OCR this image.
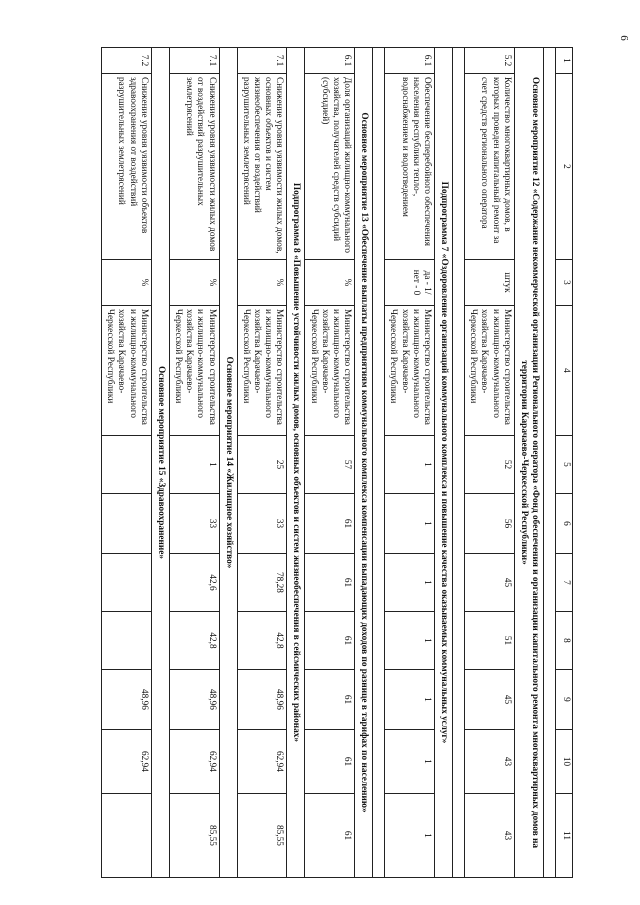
6
1	2	3	4	5	6	7	8	9	10	11

Основное мероприятие 12 «Содержание некоммерческой организации Регионального оператора «Фонд обеспечения и организации капитального ремонта многоквартирных домов на территории Карачаево-Черкесской Республики»										
5.2	Количество многоквартирных домов, в которых проведен капитальный ремонт за счет средств регионального оператора	штук	Министерство строительства и жилищно-коммунального хозяйства Карачаево-Черкесской Республики	52	56	45	51	45	43	43

Подпрограмма 7 «Оздоровление организаций коммунального комплекса и повышение качества оказываемых коммунальных услуг»										
6.1	Обеспечение бесперебойного обеспечения населения республики тепло-, водоснабжением и водоотведением	да - 1/ нет - 0	Министерство строительства и жилищно-коммунального хозяйства Карачаево-Черкесской Республики	1	1	1	1	1	1	1

Основное мероприятие 13 «Обеспечение выплаты предприятиям коммунального комплекса компенсации выпадающих доходов по разнице в тарифах по населению»										
6.1	Доля организаций жилищно-коммунального хозяйства, получателей средств субсидий (субсидией)	%	Министерство строительства и жилищно-коммунального хозяйства Карачаево-Черкесской Республики	57	61	61	61	61	61	61
Подпрограмма 8 «Повышение устойчивости жилых домов, основных объектов и систем жизнеобеспечения в сейсмических районах»										
7.1	Снижение уровня уязвимости жилых домов, основных объектов и систем жизнеобеспечения от воздействий разрушительных землетрясений	%	Министерство строительства и жилищно-коммунального хозяйства Карачаево-Черкесской Республики	25	33	78,28	42,8	48,96	62,94	85,55
Основное мероприятие 14 «Жилищное хозяйство»										
7.1	Снижение уровня уязвимости жилых домов от воздействий разрушительных землетрясений	%	Министерство строительства и жилищно-коммунального хозяйства Карачаево-Черкесской Республики	1	33	42,6	42,8	48,96	62,94	85,55
Основное мероприятие 15 «Здравоохранение»										
7.2	Снижение уровня уязвимости объектов здравоохранения от воздействий разрушительных землетрясений	%	Министерство строительства и жилищно-коммунального хозяйства Карачаево-Черкесской Республики					48,96	62,94	
